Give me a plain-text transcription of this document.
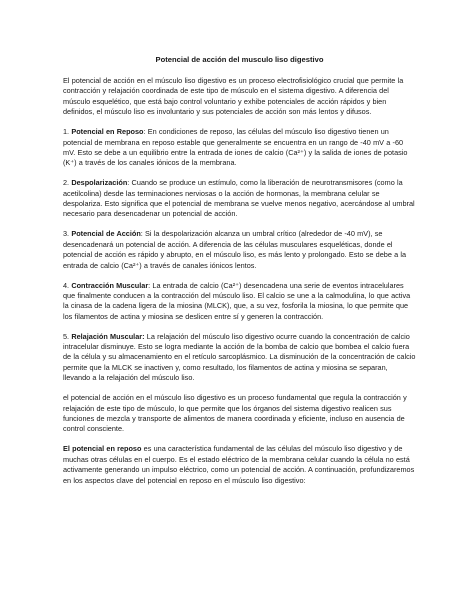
Potencial de acción del musculo liso digestivo

El potencial de acción en el músculo liso digestivo es un proceso electrofisiológico crucial que permite la contracción y relajación coordinada de este tipo de músculo en el sistema digestivo. A diferencia del músculo esquelético, que está bajo control voluntario y exhibe potenciales de acción rápidos y bien definidos, el músculo liso es involuntario y sus potenciales de acción son más lentos y difusos.

1. Potencial en Reposo: En condiciones de reposo, las células del músculo liso digestivo tienen un potencial de membrana en reposo estable que generalmente se encuentra en un rango de -40 mV a -60 mV. Esto se debe a un equilibrio entre la entrada de iones de calcio (Ca²⁺) y la salida de iones de potasio (K⁺) a través de los canales iónicos de la membrana.

2. Despolarización: Cuando se produce un estímulo, como la liberación de neurotransmisores (como la acetilcolina) desde las terminaciones nerviosas o la acción de hormonas, la membrana celular se despolariza. Esto significa que el potencial de membrana se vuelve menos negativo, acercándose al umbral necesario para desencadenar un potencial de acción.

3. Potencial de Acción: Si la despolarización alcanza un umbral crítico (alrededor de -40 mV), se desencadenará un potencial de acción. A diferencia de las células musculares esqueléticas, donde el potencial de acción es rápido y abrupto, en el músculo liso, es más lento y prolongado. Esto se debe a la entrada de calcio (Ca²⁺) a través de canales iónicos lentos.

4. Contracción Muscular: La entrada de calcio (Ca²⁺) desencadena una serie de eventos intracelulares que finalmente conducen a la contracción del músculo liso. El calcio se une a la calmodulina, lo que activa la cinasa de la cadena ligera de la miosina (MLCK), que, a su vez, fosforila la miosina, lo que permite que los filamentos de actina y miosina se deslicen entre sí y generen la contracción.

5. Relajación Muscular: La relajación del músculo liso digestivo ocurre cuando la concentración de calcio intracelular disminuye. Esto se logra mediante la acción de la bomba de calcio que bombea el calcio fuera de la célula y su almacenamiento en el retículo sarcoplásmico. La disminución de la concentración de calcio permite que la MLCK se inactiven y, como resultado, los filamentos de actina y miosina se separan, llevando a la relajación del músculo liso.

el potencial de acción en el músculo liso digestivo es un proceso fundamental que regula la contracción y relajación de este tipo de músculo, lo que permite que los órganos del sistema digestivo realicen sus funciones de mezcla y transporte de alimentos de manera coordinada y eficiente, incluso en ausencia de control consciente.

El potencial en reposo es una característica fundamental de las células del músculo liso digestivo y de muchas otras células en el cuerpo. Es el estado eléctrico de la membrana celular cuando la célula no está activamente generando un impulso eléctrico, como un potencial de acción. A continuación, profundizaremos en los aspectos clave del potencial en reposo en el músculo liso digestivo:
